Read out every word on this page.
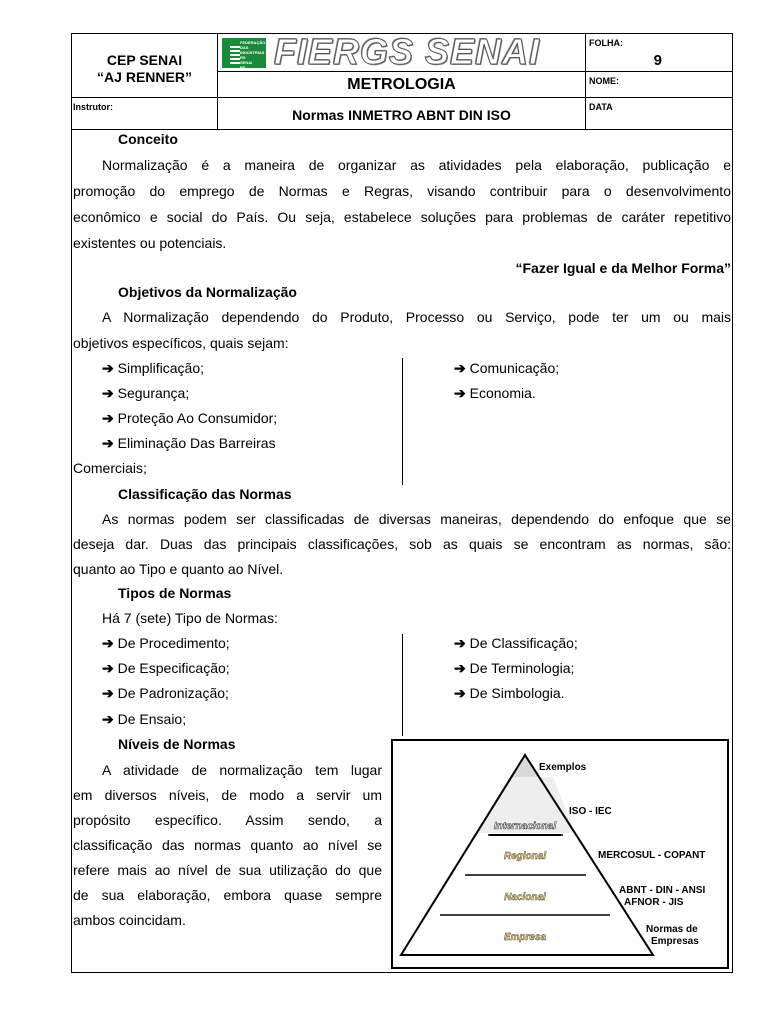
CEP SENAI
“AJ RENNER”
FEDERAÇÃO
DAS INDÚSTRIAS
RS
SENAI
RS FIERGS SENAI	FOLHA:
9
METROLOGIA	NOME:
Instrutor:	Normas INMETRO ABNT DIN ISO	DATA
Conceito
Normalização é a maneira de organizar as atividades pela elaboração, publicação e
promoção do emprego de Normas e Regras, visando contribuir para o desenvolvimento
econômico e social do País. Ou seja, estabelece soluções para problemas de caráter repetitivo
existentes ou potenciais.
“Fazer Igual e da Melhor Forma”
Objetivos da Normalização
A Normalização dependendo do Produto, Processo ou Serviço, pode ter um ou mais
objetivos específicos, quais sejam:
➔ Simplificação;
➔ Segurança;
➔ Proteção Ao Consumidor;
➔ Eliminação Das Barreiras
Comerciais;
➔ Comunicação;
➔ Economia.
Classificação das Normas
As normas podem ser classificadas de diversas maneiras, dependendo do enfoque que se
deseja dar. Duas das principais classificações, sob as quais se encontram as normas, são:
quanto ao Tipo e quanto ao Nível.
Tipos de Normas
Há 7 (sete) Tipo de Normas:
➔ De Procedimento;
➔ De Especificação;
➔ De Padronização;
➔ De Ensaio;
➔ De Classificação;
➔ De Terminologia;
➔ De Simbologia.
Níveis de Normas
A atividade de normalização tem lugar
em diversos níveis, de modo a servir um
propósito específico. Assim sendo, a
classificação das normas quanto ao nível se
refere mais ao nível de sua utilização do que
de sua elaboração, embora quase sempre
ambos coincidam.
Internacional
Regional
Nacional
Empresa
Exemplos
ISO - IEC
MERCOSUL - COPANT
ABNT - DIN - ANSI
AFNOR - JIS
Normas de
Empresas
